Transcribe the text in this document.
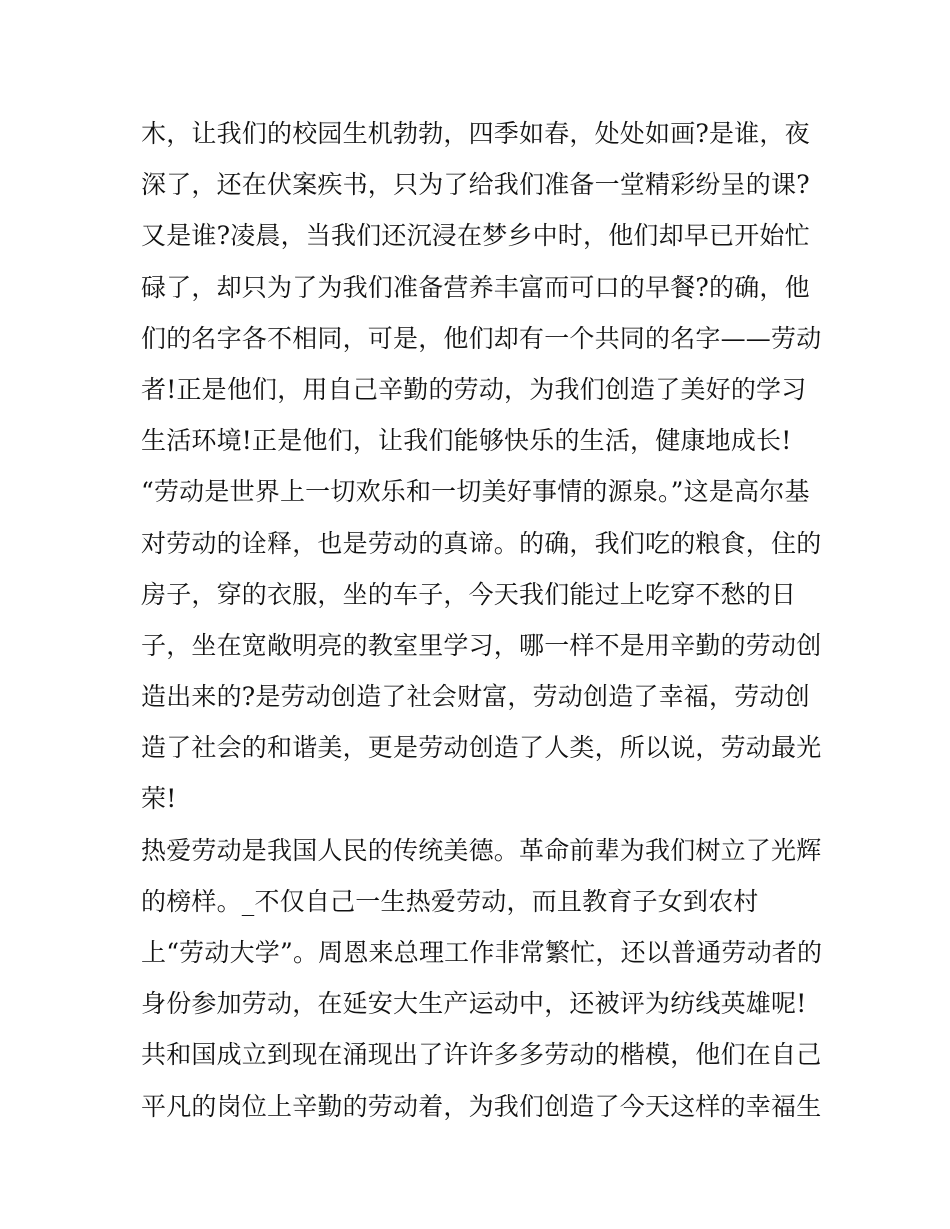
木，让我们的校园生机勃勃，四季如春，处处如画?是谁，夜
深了，还在伏案疾书，只为了给我们准备一堂精彩纷呈的课?
又是谁?凌晨，当我们还沉浸在梦乡中时，他们却早已开始忙
碌了，却只为了为我们准备营养丰富而可口的早餐?的确，他
们的名字各不相同，可是，他们却有一个共同的名字——劳动
者!正是他们，用自己辛勤的劳动，为我们创造了美好的学习
生活环境!正是他们，让我们能够快乐的生活，健康地成长!
“劳动是世界上一切欢乐和一切美好事情的源泉。”这是高尔基
对劳动的诠释，也是劳动的真谛。的确，我们吃的粮食，住的
房子，穿的衣服，坐的车子，今天我们能过上吃穿不愁的日
子，坐在宽敞明亮的教室里学习，哪一样不是用辛勤的劳动创
造出来的?是劳动创造了社会财富，劳动创造了幸福，劳动创
造了社会的和谐美，更是劳动创造了人类，所以说，劳动最光
荣!
热爱劳动是我国人民的传统美德。革命前辈为我们树立了光辉
的榜样。_不仅自己一生热爱劳动，而且教育子女到农村
上“劳动大学”。周恩来总理工作非常繁忙，还以普通劳动者的
身份参加劳动，在延安大生产运动中，还被评为纺线英雄呢!
共和国成立到现在涌现出了许许多多劳动的楷模，他们在自己
平凡的岗位上辛勤的劳动着，为我们创造了今天这样的幸福生
